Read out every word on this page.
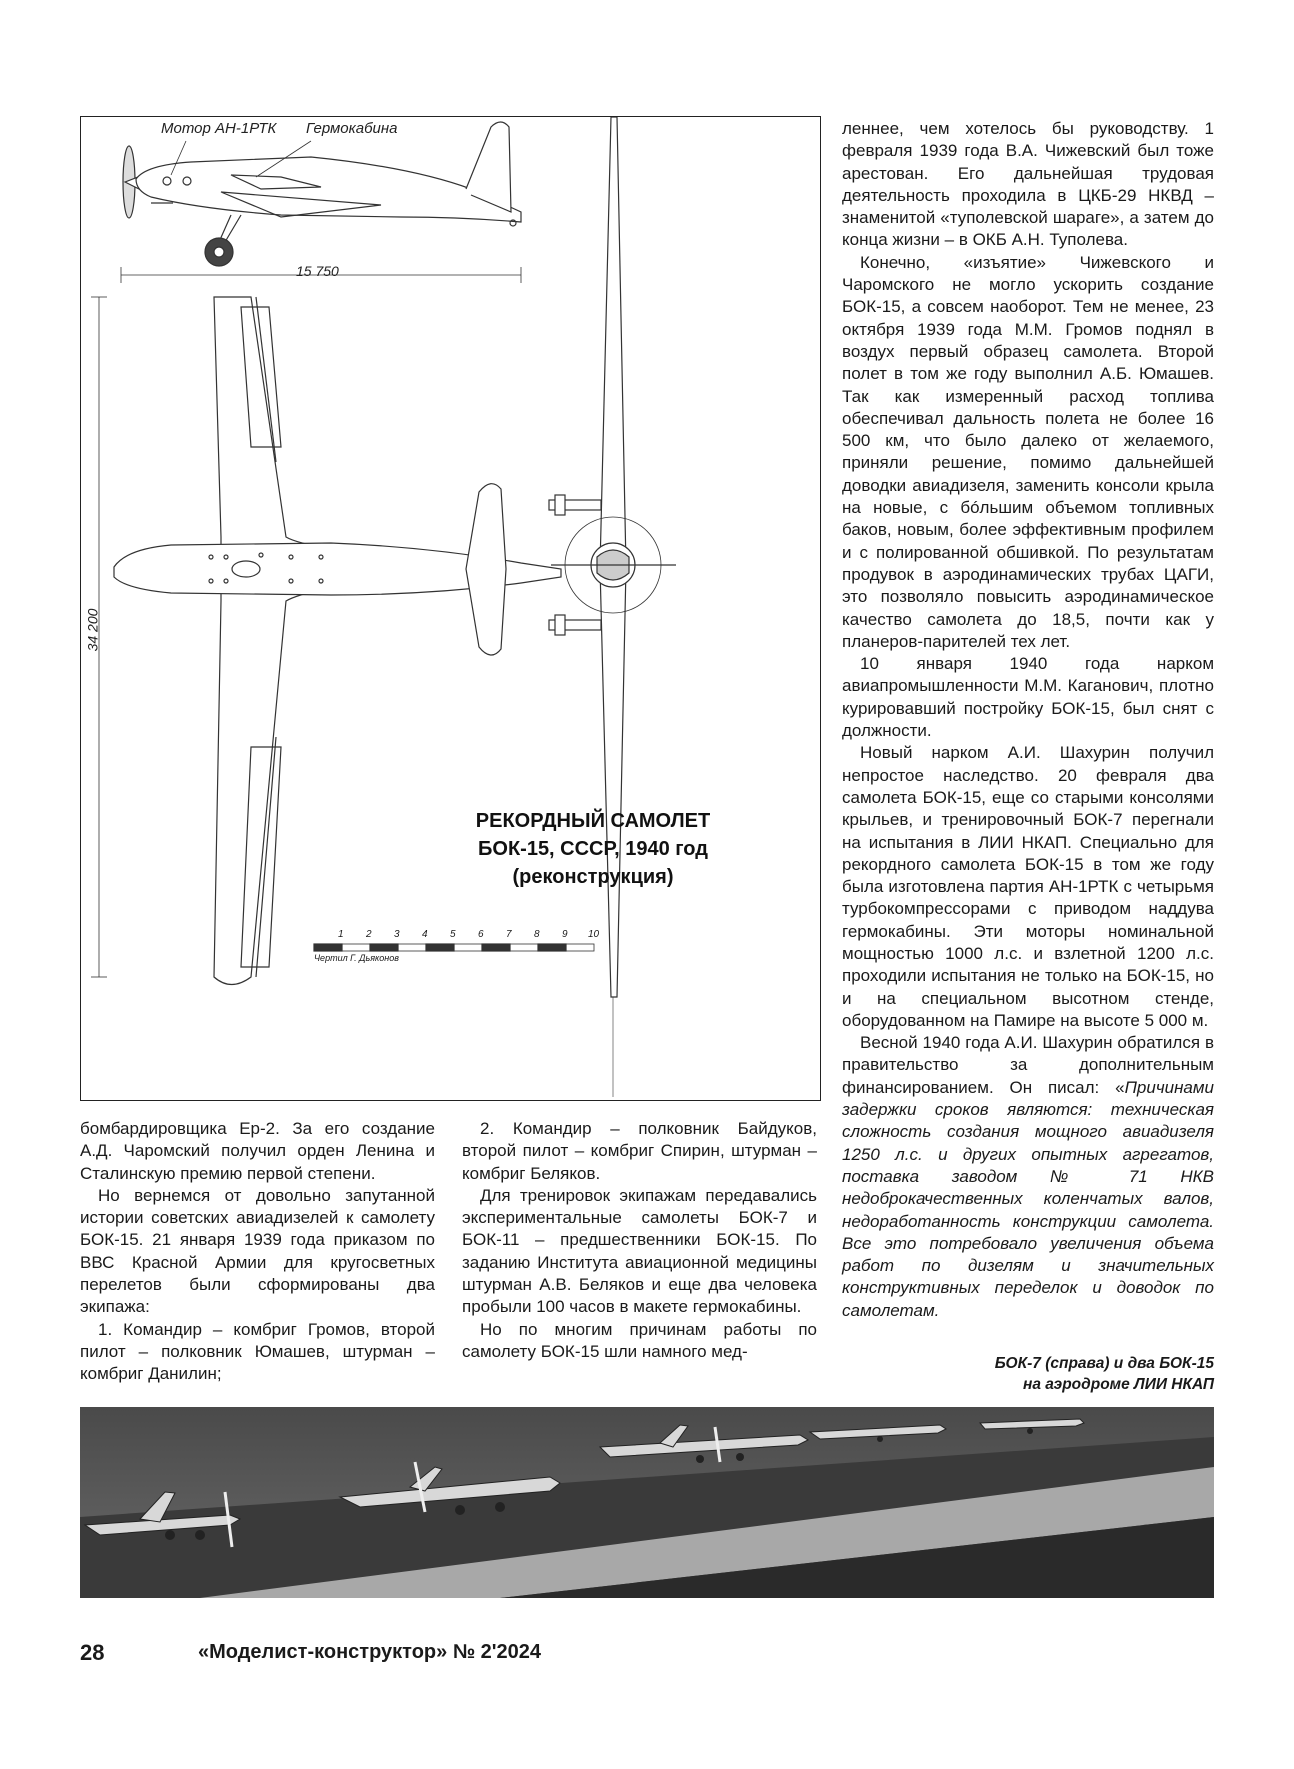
Мотор АН-1РТК Гермокабина
15 750
34 200
РЕКОРДНЫЙ САМОЛЕТ
БОК-15, СССР, 1940 год
(реконструкция)
1 2 3 4 5 6 7 8 9 10
Чертил Г. Дьяконов

леннее, чем хотелось бы руководству. 1 февраля 1939 года В.А. Чижевский был тоже арестован. Его дальнейшая трудовая деятельность проходила в ЦКБ-29 НКВД – знаменитой «туполевской шараге», а затем до конца жизни – в ОКБ А.Н. Туполева.

Конечно, «изъятие» Чижевского и Чаромского не могло ускорить создание БОК-15, а совсем наоборот. Тем не менее, 23 октября 1939 года М.М. Громов поднял в воздух первый образец самолета. Второй полет в том же году выполнил А.Б. Юмашев. Так как измеренный расход топлива обеспечивал дальность полета не более 16 500 км, что было далеко от желаемого, приняли решение, помимо дальнейшей доводки авиадизеля, заменить консоли крыла на новые, с бóльшим объемом топливных баков, новым, более эффективным профилем и с полированной обшивкой. По результатам продувок в аэродинамических трубах ЦАГИ, это позволяло повысить аэродинамическое качество самолета до 18,5, почти как у планеров-парителей тех лет.

10 января 1940 года нарком авиапромышленности М.М. Каганович, плотно курировавший постройку БОК-15, был снят с должности.

Новый нарком А.И. Шахурин получил непростое наследство. 20 февраля два самолета БОК-15, еще со старыми консолями крыльев, и тренировочный БОК-7 перегнали на испытания в ЛИИ НКАП. Специально для рекордного самолета БОК-15 в том же году была изготовлена партия АН-1РТК с четырьмя турбокомпрессорами с приводом наддува гермокабины. Эти моторы номинальной мощностью 1000 л.с. и взлетной 1200 л.с. проходили испытания не только на БОК-15, но и на специальном высотном стенде, оборудованном на Памире на высоте 5 000 м.

Весной 1940 года А.И. Шахурин обратился в правительство за дополнительным финансированием. Он писал: «Причинами задержки сроков являются: техническая сложность создания мощного авиадизеля 1250 л.с. и других опытных агрегатов, поставка заводом № 71 НКВ недоброкачественных коленчатых валов, недоработанность конструкции самолета. Все это потребовало увеличения объема работ по дизелям и значительных конструктивных переделок и доводок по самолетам.

бомбардировщика Ер-2. За его создание А.Д. Чаромский получил орден Ленина и Сталинскую премию первой степени.

Но вернемся от довольно запутанной истории советских авиадизелей к самолету БОК-15. 21 января 1939 года приказом по ВВС Красной Армии для кругосветных перелетов были сформированы два экипажа:

1. Командир – комбриг Громов, второй пилот – полковник Юмашев, штурман – комбриг Данилин;

2. Командир – полковник Байдуков, второй пилот – комбриг Спирин, штурман – комбриг Беляков.

Для тренировок экипажам передавались экспериментальные самолеты БОК-7 и БОК-11 – предшественники БОК-15. По заданию Института авиационной медицины штурман А.В. Беляков и еще два человека пробыли 100 часов в макете гермокабины.

Но по многим причинам работы по самолету БОК-15 шли намного мед-

БОК-7 (справа) и два БОК-15
на аэродроме ЛИИ НКАП
28	«Моделист-конструктор» № 2'2024
